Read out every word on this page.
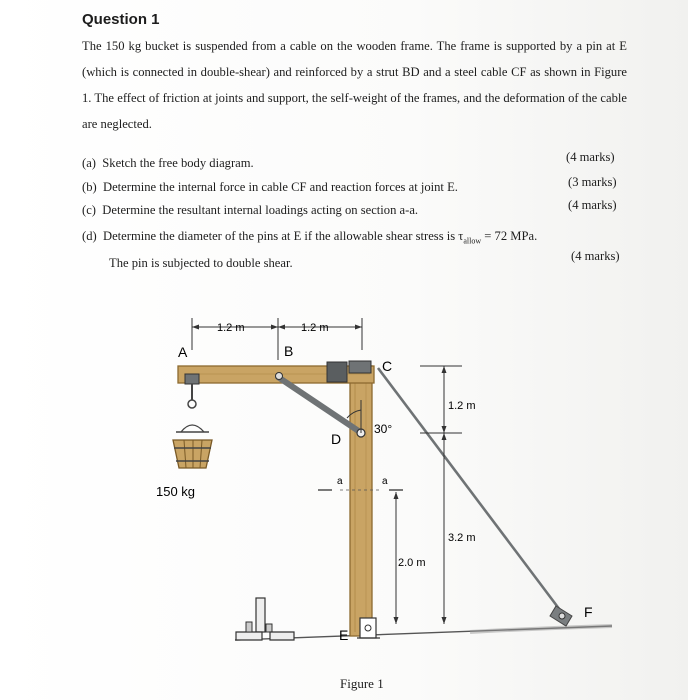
Question 1
The 150 kg bucket is suspended from a cable on the wooden frame. The frame is supported by a pin at E (which is connected in double-shear) and reinforced by a strut BD and a steel cable CF as shown in Figure 1. The effect of friction at joints and support, the self-weight of the frames, and the deformation of the cable are neglected.
(a) Sketch the free body diagram.	(4 marks)
(b) Determine the internal force in cable CF and reaction forces at joint E.	(3 marks)
(c) Determine the resultant internal loadings acting on section a-a.	(4 marks)
(d) Determine the diameter of the pins at E if the allowable shear stress is $\tau_{allow} = 72$ MPa.
The pin is subjected to double shear.	(4 marks)
1.2 m	1.2 m
A	B
C
D
E
F
30°
1.2 m
3.2 m
2.0 m
150 kg
a	a
Figure 1
